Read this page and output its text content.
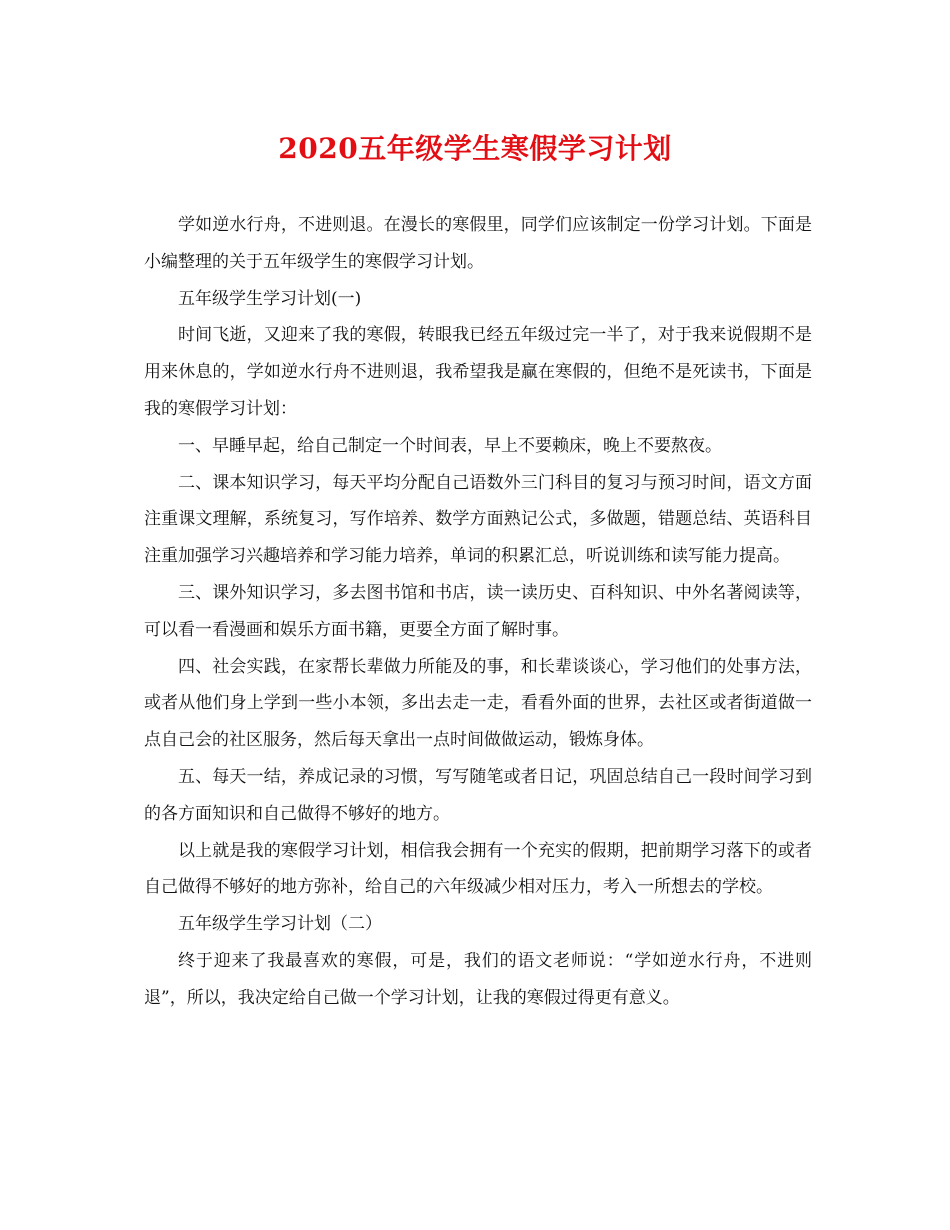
2020五年级学生寒假学习计划

学如逆水行舟，不进则退。在漫长的寒假里，同学们应该制定一份学习计划。下面是小编整理的关于五年级学生的寒假学习计划。

五年级学生学习计划(一)

时间飞逝，又迎来了我的寒假，转眼我已经五年级过完一半了，对于我来说假期不是用来休息的，学如逆水行舟不进则退，我希望我是赢在寒假的，但绝不是死读书，下面是我的寒假学习计划：

一、早睡早起，给自己制定一个时间表，早上不要赖床，晚上不要熬夜。

二、课本知识学习，每天平均分配自己语数外三门科目的复习与预习时间，语文方面注重课文理解，系统复习，写作培养、数学方面熟记公式，多做题，错题总结、英语科目注重加强学习兴趣培养和学习能力培养，单词的积累汇总，听说训练和读写能力提高。

三、课外知识学习，多去图书馆和书店，读一读历史、百科知识、中外名著阅读等，可以看一看漫画和娱乐方面书籍，更要全方面了解时事。

四、社会实践，在家帮长辈做力所能及的事，和长辈谈谈心，学习他们的处事方法，或者从他们身上学到一些小本领，多出去走一走，看看外面的世界，去社区或者街道做一点自己会的社区服务，然后每天拿出一点时间做做运动，锻炼身体。

五、每天一结，养成记录的习惯，写写随笔或者日记，巩固总结自己一段时间学习到的各方面知识和自己做得不够好的地方。

以上就是我的寒假学习计划，相信我会拥有一个充实的假期，把前期学习落下的或者自己做得不够好的地方弥补，给自己的六年级减少相对压力，考入一所想去的学校。

五年级学生学习计划（二）

终于迎来了我最喜欢的寒假，可是，我们的语文老师说：“学如逆水行舟，不进则退”，所以，我决定给自己做一个学习计划，让我的寒假过得更有意义。
